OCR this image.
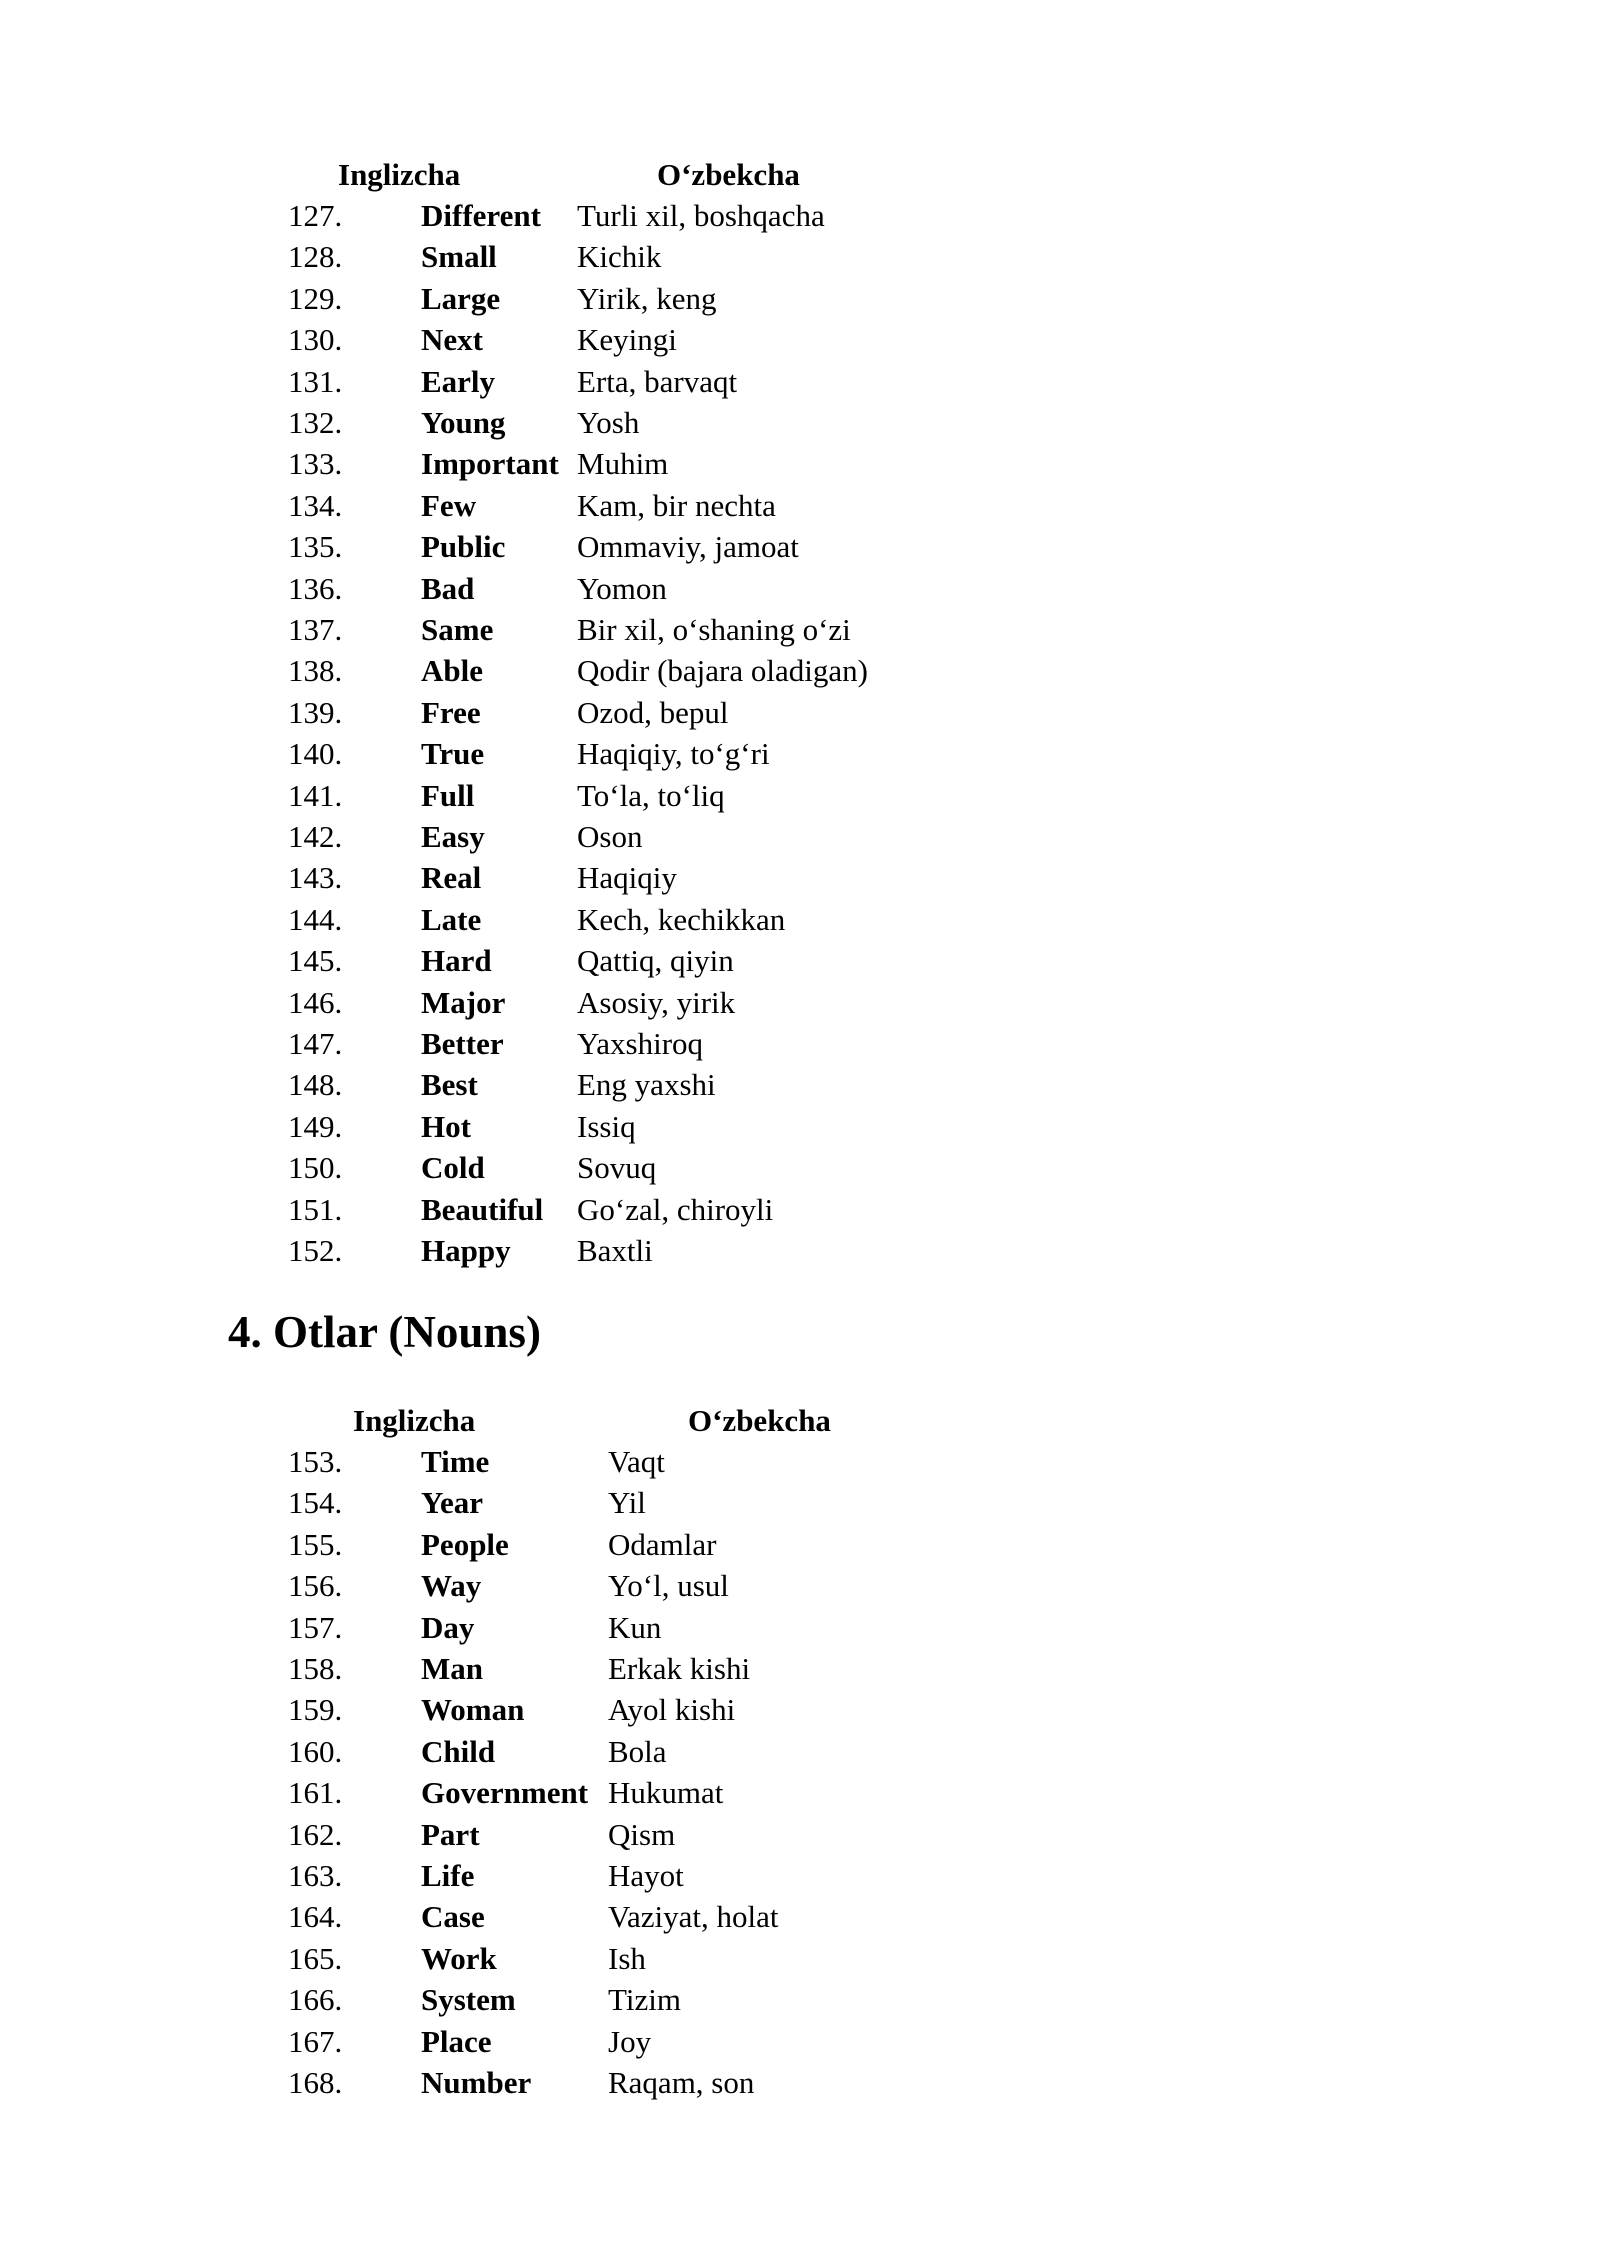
Inglizcha	O‘zbekcha
127.	Different Turli xil, boshqacha
128.	Small	Kichik
129.	Large Yirik, keng
130.	Next	Keyingi
131.	Early	Erta, barvaqt
132.	Young Yosh
133.	Important Muhim
134.	Few	Kam, bir nechta
135.	Public Ommaviy, jamoat
136.	Bad	Yomon
137.	Same	Bir xil, o‘shaning o‘zi
138.	Able	Qodir (bajara oladigan)
139.	Free	Ozod, bepul
140.	True	Haqiqiy, to‘g‘ri
141.	Full	To‘la, to‘liq
142.	Easy	Oson
143.	Real	Haqiqiy
144.	Late	Kech, kechikkan
145.	Hard	Qattiq, qiyin
146.	Major Asosiy, yirik
147.	Better Yaxshiroq
148.	Best	Eng yaxshi
149.	Hot	Issiq
150.	Cold	Sovuq
151.	Beautiful Go‘zal, chiroyli
152.	Happy Baxtli
4. Otlar (Nouns)
Inglizcha	O‘zbekcha
153.	Time	Vaqt
154.	Year	Yil
155.	People	Odamlar
156.	Way	Yo‘l, usul
157.	Day	Kun
158.	Man	Erkak kishi
159.	Woman	Ayol kishi
160.	Child	Bola
161.	Government Hukumat
162.	Part	Qism
163.	Life	Hayot
164.	Case	Vaziyat, holat
165.	Work	Ish
166.	System	Tizim
167.	Place	Joy
168.	Number Raqam, son
